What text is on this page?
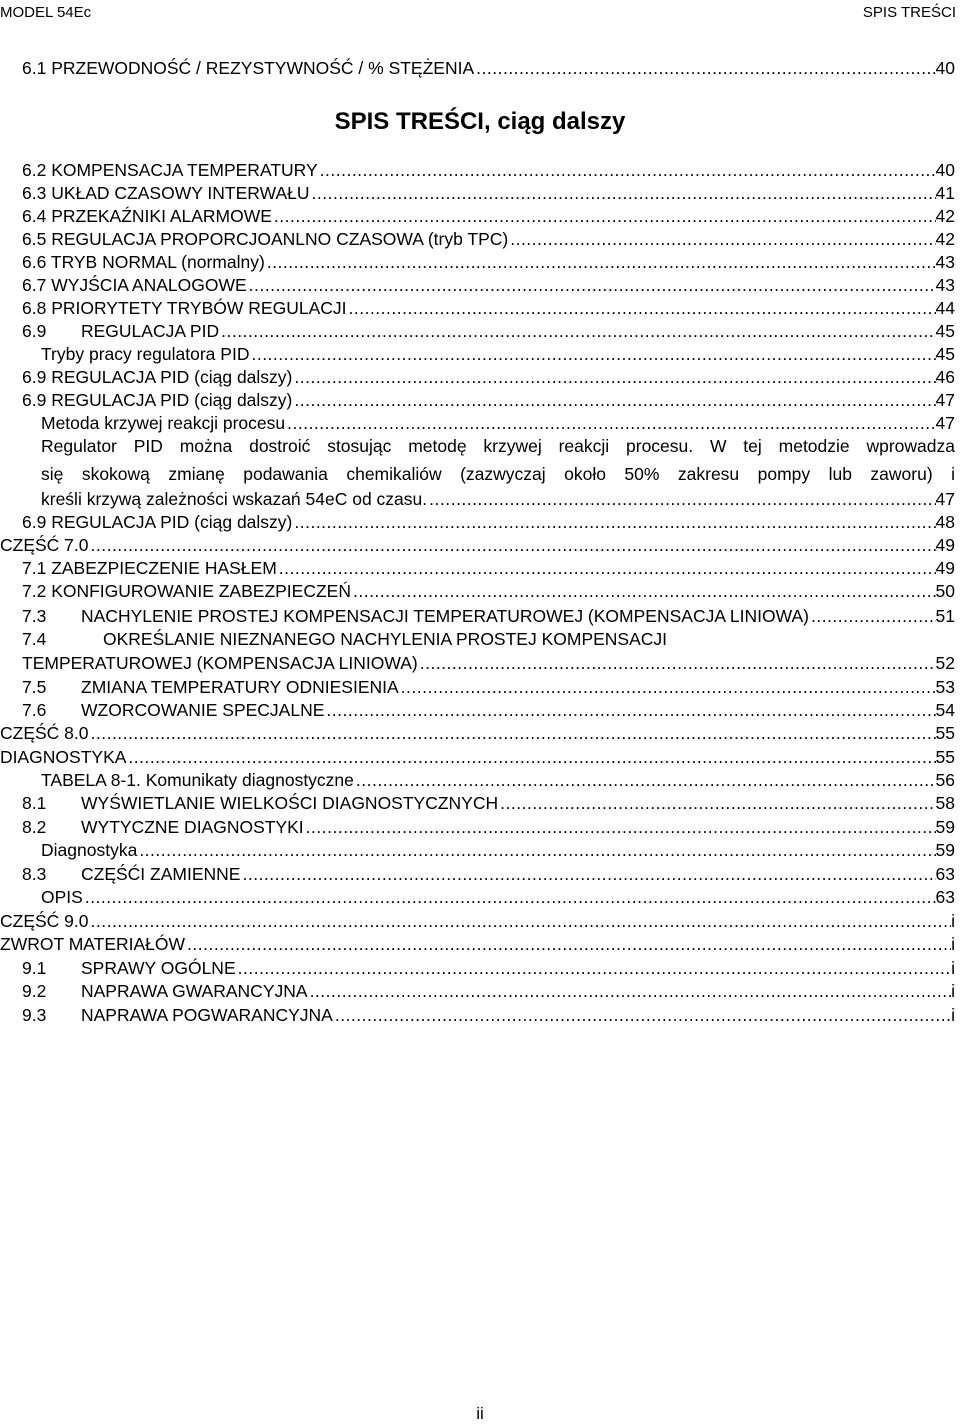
MODEL 54Ec	SPIS TREŚCI
6.1 PRZEWODNOŚĆ / REZYSTYWNOŚĆ / % STĘŻENIA .....	40
SPIS TREŚCI, ciąg dalszy
6.2 KOMPENSACJA TEMPERATURY .....	40
6.3 UKŁAD CZASOWY INTERWAŁU .....	41
6.4 PRZEKAŹNIKI ALARMOWE .....	42
6.5 REGULACJA PROPORCJOANLNO CZASOWA (tryb TPC) .....	42
6.6 TRYB NORMAL (normalny) .....	43
6.7 WYJŚCIA ANALOGOWE .....	43
6.8 PRIORYTETY TRYBÓW REGULACJI .....	44
6.9	REGULACJA PID .....	45
Tryby pracy regulatora PID .....	45
6.9 REGULACJA PID (ciąg dalszy) .....	46
6.9 REGULACJA PID (ciąg dalszy) .....	47
Metoda krzywej reakcji procesu .....	47
Regulator PID można dostroić stosując metodę krzywej reakcji procesu. W tej metodzie wprowadza
się skokową zmianę podawania chemikaliów (zazwyczaj około 50% zakresu pompy lub zaworu) i
kreśli krzywą zależności wskazań 54eC od czasu. .....	47
6.9 REGULACJA PID (ciąg dalszy) .....	48
CZĘŚĆ 7.0 .....	49
7.1 ZABEZPIECZENIE HASŁEM .....	49
7.2 KONFIGUROWANIE ZABEZPIECZEŃ .....	50
7.3	NACHYLENIE PROSTEJ KOMPENSACJI TEMPERATUROWEJ (KOMPENSACJA LINIOWA) .....	51
7.4	OKREŚLANIE NIEZNANEGO NACHYLENIA PROSTEJ KOMPENSACJI
TEMPERATUROWEJ (KOMPENSACJA LINIOWA) .....	52
7.5	ZMIANA TEMPERATURY ODNIESIENIA .....	53
7.6	WZORCOWANIE SPECJALNE .....	54
CZĘŚĆ 8.0 .....	55
DIAGNOSTYKA .....	55
TABELA 8-1. Komunikaty diagnostyczne .....	56
8.1	WYŚWIETLANIE WIELKOŚCI DIAGNOSTYCZNYCH .....	58
8.2	WYTYCZNE DIAGNOSTYKI .....	59
Diagnostyka .....	59
8.3	CZĘŚĆI ZAMIENNE .....	63
OPIS .....	63
CZĘŚĆ 9.0 .....	i
ZWROT MATERIAŁÓW .....	i
9.1	SPRAWY OGÓLNE .....	i
9.2	NAPRAWA GWARANCYJNA .....	i
9.3	NAPRAWA POGWARANCYJNA .....	i
ii
